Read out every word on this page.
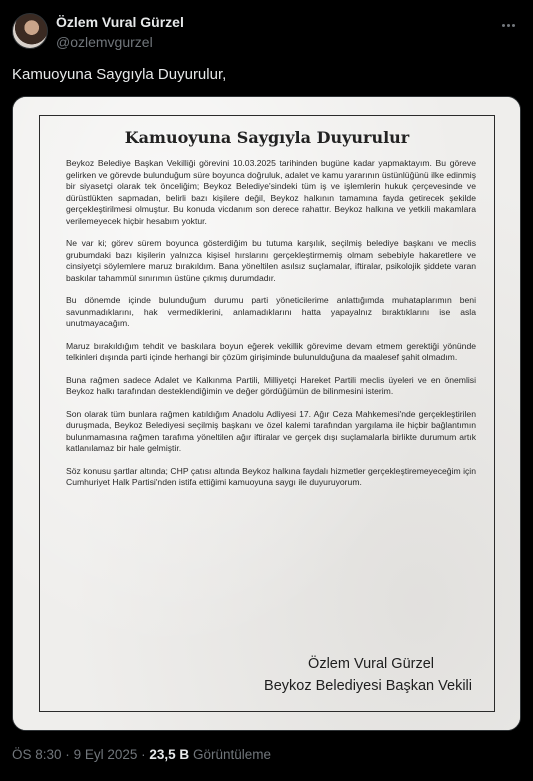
Özlem Vural Gürzel
@ozlemvgurzel
Kamuoyuna Saygıyla Duyurulur,
Kamuoyuna Saygıyla Duyurulur

Beykoz Belediye Başkan Vekilliği görevini 10.03.2025 tarihinden bugüne kadar yapmaktayım. Bu göreve gelirken ve görevde bulunduğum süre boyunca doğruluk, adalet ve kamu yararının üstünlüğünü ilke edinmiş bir siyasetçi olarak tek önceliğim; Beykoz Belediye'sindeki tüm iş ve işlemlerin hukuk çerçevesinde ve dürüstlükten sapmadan, belirli bazı kişilere değil, Beykoz halkının tamamına fayda getirecek şekilde gerçekleştirilmesi olmuştur. Bu konuda vicdanım son derece rahattır. Beykoz halkına ve yetkili makamlara verilemeyecek hiçbir hesabım yoktur.

Ne var ki; görev sürem boyunca gösterdiğim bu tutuma karşılık, seçilmiş belediye başkanı ve meclis grubumdaki bazı kişilerin yalnızca kişisel hırslarını gerçekleştirmemiş olmam sebebiyle hakaretlere ve cinsiyetçi söylemlere maruz bırakıldım. Bana yöneltilen asılsız suçlamalar, iftiralar, psikolojik şiddete varan baskılar tahammül sınırımın üstüne çıkmış durumdadır.

Bu dönemde içinde bulunduğum durumu parti yöneticilerime anlattığımda muhataplarımın beni savunmadıklarını, hak vermediklerini, anlamadıklarını hatta yapayalnız bıraktıklarını ise asla unutmayacağım.

Maruz bırakıldığım tehdit ve baskılara boyun eğerek vekillik görevime devam etmem gerektiği yönünde telkinleri dışında parti içinde herhangi bir çözüm girişiminde bulunulduğuna da maalesef şahit olmadım.

Buna rağmen sadece Adalet ve Kalkınma Partili, Milliyetçi Hareket Partili meclis üyeleri ve en önemlisi Beykoz halkı tarafından desteklendiğimin ve değer gördüğümün de bilinmesini isterim.

Son olarak tüm bunlara rağmen katıldığım Anadolu Adliyesi 17. Ağır Ceza Mahkemesi'nde gerçekleştirilen duruşmada, Beykoz Belediyesi seçilmiş başkanı ve özel kalemi tarafından yargılama ile hiçbir bağlantımın bulunmamasına rağmen tarafıma yöneltilen ağır iftiralar ve gerçek dışı suçlamalarla birlikte durumum artık katlanılamaz bir hale gelmiştir.

Söz konusu şartlar altında; CHP çatısı altında Beykoz halkına faydalı hizmetler gerçekleştiremeyeceğim için Cumhuriyet Halk Partisi'nden istifa ettiğimi kamuoyuna saygı ile duyuruyorum.

Özlem Vural Gürzel
Beykoz Belediyesi Başkan Vekili
ÖS 8:30 · 9 Eyl 2025 · 23,5 B Görüntüleme
